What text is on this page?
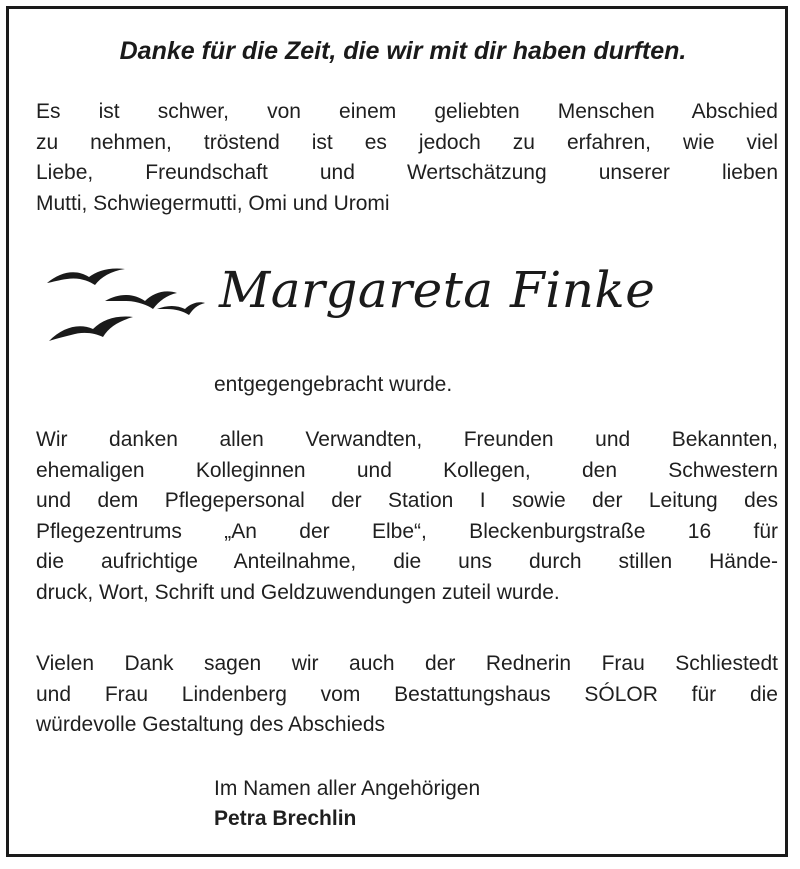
Danke für die Zeit, die wir mit dir haben durften.
Es ist schwer, von einem geliebten Menschen Abschied
zu nehmen, tröstend ist es jedoch zu erfahren, wie viel
Liebe, Freundschaft und Wertschätzung unserer lieben
Mutti, Schwiegermutti, Omi und Uromi
Margareta Finke
entgegengebracht wurde.
Wir danken allen Verwandten, Freunden und Bekannten,
ehemaligen Kolleginnen und Kollegen, den Schwestern
und dem Pflegepersonal der Station I sowie der Leitung des
Pflegezentrums „An der Elbe“, Bleckenburgstraße 16 für
die aufrichtige Anteilnahme, die uns durch stillen Hände-
druck, Wort, Schrift und Geldzuwendungen zuteil wurde.
Vielen Dank sagen wir auch der Rednerin Frau Schliestedt
und Frau Lindenberg vom Bestattungshaus SÓLOR für die
würdevolle Gestaltung des Abschieds
Im Namen aller Angehörigen
Petra Brechlin
